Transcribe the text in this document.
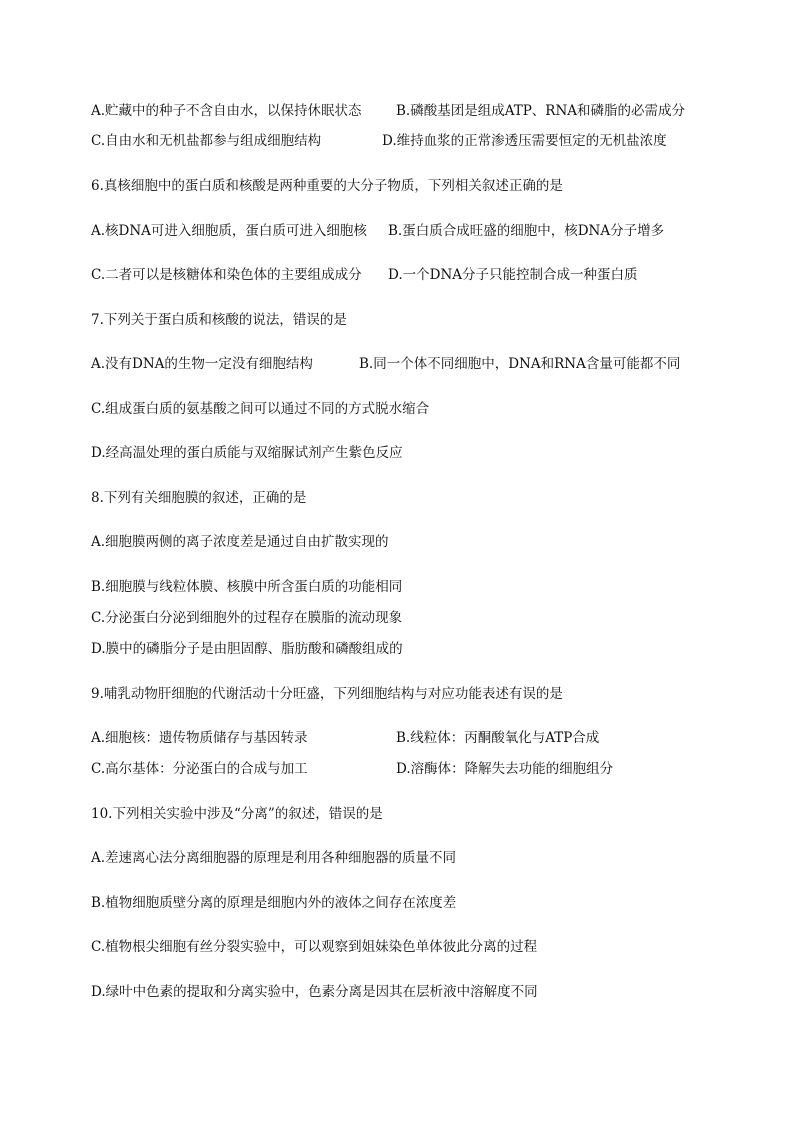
A.贮藏中的种子不含自由水，以保持休眠状态	B.磷酸基团是组成ATP、RNA和磷脂的必需成分
C.自由水和无机盐都参与组成细胞结构	D.维持血浆的正常渗透压需要恒定的无机盐浓度
6.真核细胞中的蛋白质和核酸是两种重要的大分子物质，下列相关叙述正确的是
A.核DNA可进入细胞质，蛋白质可进入细胞核 B.蛋白质合成旺盛的细胞中，核DNA分子增多
C.二者可以是核糖体和染色体的主要组成成分 D.一个DNA分子只能控制合成一种蛋白质
7.下列关于蛋白质和核酸的说法，错误的是
A.没有DNA的生物一定没有细胞结构	B.同一个体不同细胞中，DNA和RNA含量可能都不同
C.组成蛋白质的氨基酸之间可以通过不同的方式脱水缩合
D.经高温处理的蛋白质能与双缩脲试剂产生紫色反应
8.下列有关细胞膜的叙述，正确的是
A.细胞膜两侧的离子浓度差是通过自由扩散实现的
B.细胞膜与线粒体膜、核膜中所含蛋白质的功能相同
C.分泌蛋白分泌到细胞外的过程存在膜脂的流动现象
D.膜中的磷脂分子是由胆固醇、脂肪酸和磷酸组成的
9.哺乳动物肝细胞的代谢活动十分旺盛，下列细胞结构与对应功能表述有误的是
A.细胞核：遗传物质储存与基因转录	B.线粒体：丙酮酸氧化与ATP合成
C.高尔基体：分泌蛋白的合成与加工	D.溶酶体：降解失去功能的细胞组分
10.下列相关实验中涉及“分离”的叙述，错误的是
A.差速离心法分离细胞器的原理是利用各种细胞器的质量不同
B.植物细胞质壁分离的原理是细胞内外的液体之间存在浓度差
C.植物根尖细胞有丝分裂实验中，可以观察到姐妹染色单体彼此分离的过程
D.绿叶中色素的提取和分离实验中，色素分离是因其在层析液中溶解度不同
